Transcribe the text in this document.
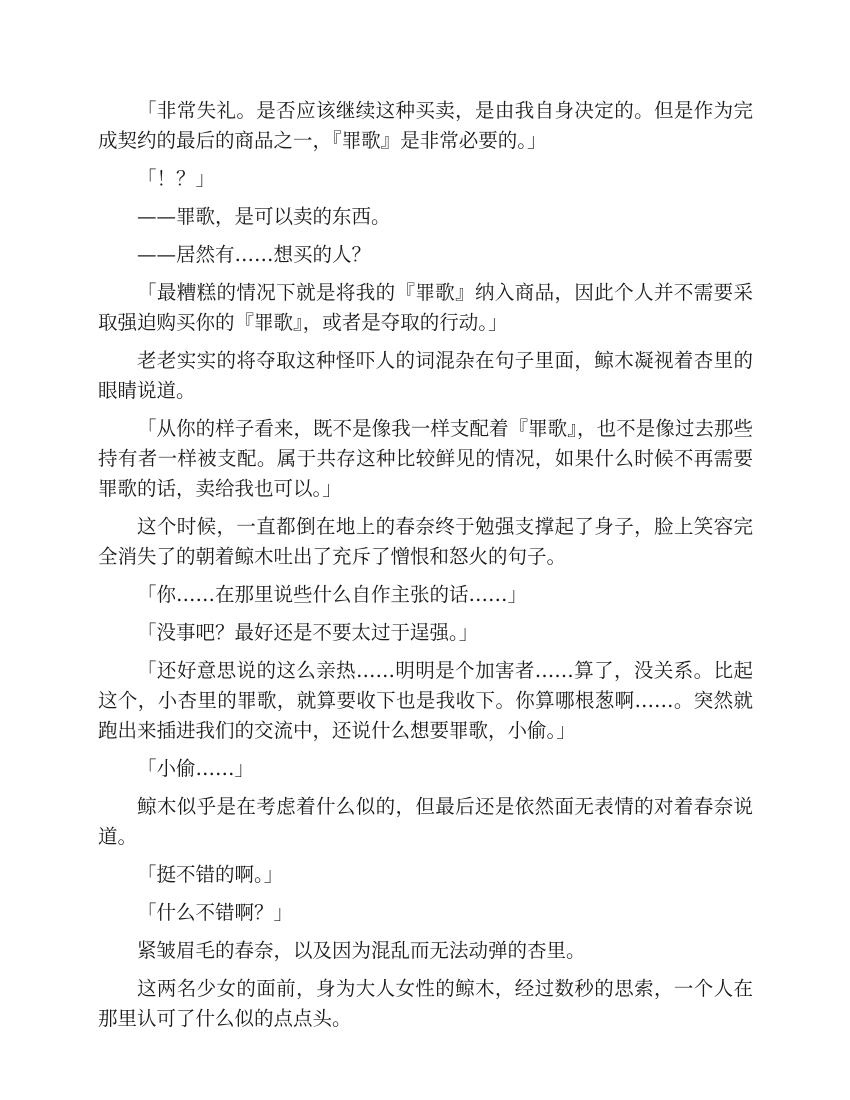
「非常失礼。是否应该继续这种买卖，是由我自身决定的。但是作为完成契约的最后的商品之一，『罪歌』是非常必要的。」

「！？」

——罪歌，是可以卖的东西。

——居然有……想买的人？

「最糟糕的情况下就是将我的『罪歌』纳入商品，因此个人并不需要采取强迫购买你的『罪歌』，或者是夺取的行动。」

老老实实的将夺取这种怪吓人的词混杂在句子里面，鲸木凝视着杏里的眼睛说道。

「从你的样子看来，既不是像我一样支配着『罪歌』，也不是像过去那些持有者一样被支配。属于共存这种比较鲜见的情况，如果什么时候不再需要罪歌的话，卖给我也可以。」

这个时候，一直都倒在地上的春奈终于勉强支撑起了身子，脸上笑容完全消失了的朝着鲸木吐出了充斥了憎恨和怒火的句子。

「你……在那里说些什么自作主张的话……」

「没事吧？最好还是不要太过于逞强。」

「还好意思说的这么亲热……明明是个加害者……算了，没关系。比起这个，小杏里的罪歌，就算要收下也是我收下。你算哪根葱啊……。突然就跑出来插进我们的交流中，还说什么想要罪歌，小偷。」

「小偷……」

鲸木似乎是在考虑着什么似的，但最后还是依然面无表情的对着春奈说道。

「挺不错的啊。」

「什么不错啊？」

紧皱眉毛的春奈，以及因为混乱而无法动弹的杏里。

这两名少女的面前，身为大人女性的鲸木，经过数秒的思索，一个人在那里认可了什么似的点点头。
